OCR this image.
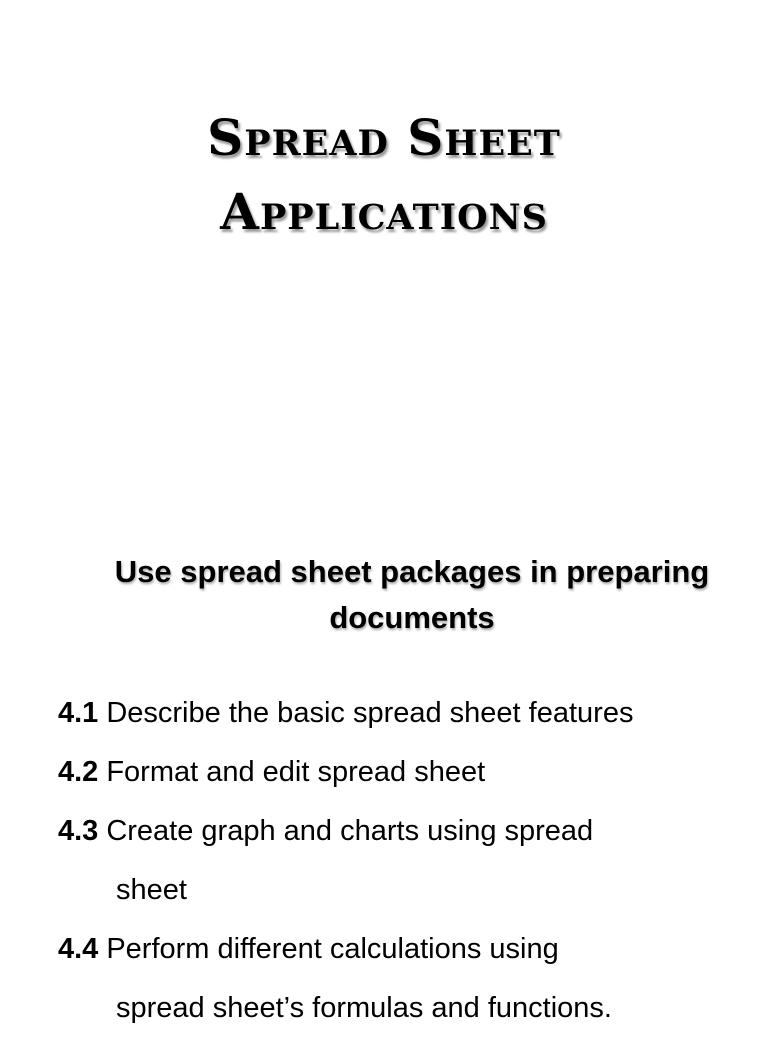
Spread Sheet
Applications
Use spread sheet packages in preparing
documents
4.1 Describe the basic spread sheet features
4.2 Format and edit spread sheet
4.3 Create graph and charts using spread
sheet
4.4 Perform different calculations using
spread sheet’s formulas and functions.
